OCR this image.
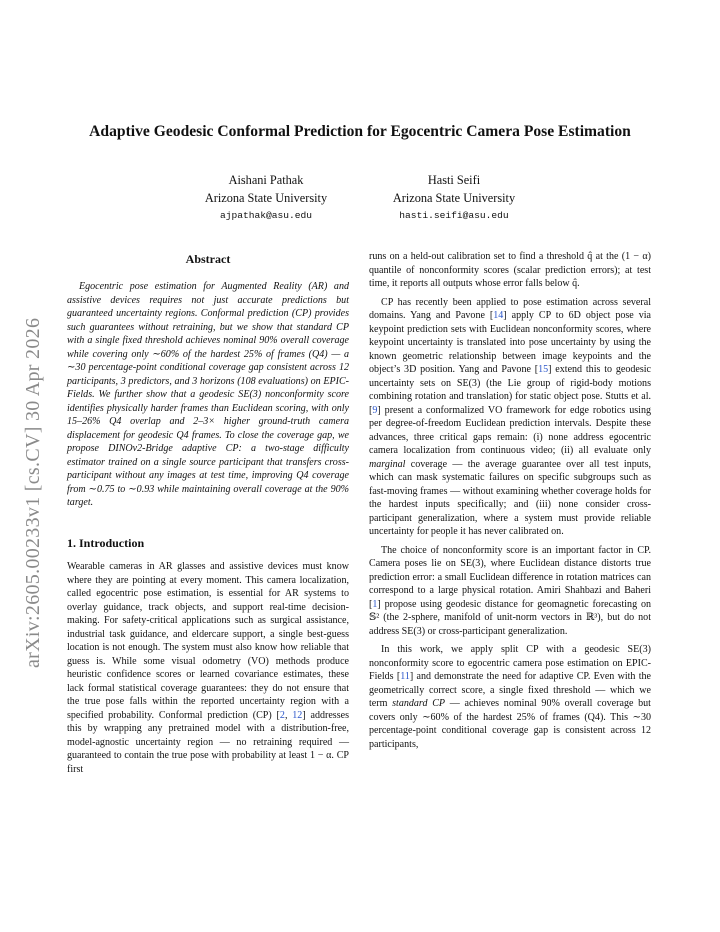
arXiv:2605.00233v1 [cs.CV] 30 Apr 2026
Adaptive Geodesic Conformal Prediction for Egocentric Camera Pose Estimation
Aishani Pathak
Arizona State University
ajpathak@asu.edu
Hasti Seifi
Arizona State University
hasti.seifi@asu.edu
Abstract

Egocentric pose estimation for Augmented Reality (AR) and assistive devices requires not just accurate predictions but guaranteed uncertainty regions. Conformal prediction (CP) provides such guarantees without retraining, but we show that standard CP with a single fixed threshold achieves nominal 90% overall coverage while covering only ∼60% of the hardest 25% of frames (Q4) — a ∼30 percentage-point conditional coverage gap consistent across 12 participants, 3 predictors, and 3 horizons (108 evaluations) on EPIC-Fields. We further show that a geodesic SE(3) nonconformity score identifies physically harder frames than Euclidean scoring, with only 15–26% Q4 overlap and 2–3× higher ground-truth camera displacement for geodesic Q4 frames. To close the coverage gap, we propose DINOv2-Bridge adaptive CP: a two-stage difficulty estimator trained on a single source participant that transfers cross-participant without any images at test time, improving Q4 coverage from ∼0.75 to ∼0.93 while maintaining overall coverage at the 90% target.

1. Introduction

Wearable cameras in AR glasses and assistive devices must know where they are pointing at every moment. This camera localization, called egocentric pose estimation, is essential for AR systems to overlay guidance, track objects, and support real-time decision-making. For safety-critical applications such as surgical assistance, industrial task guidance, and eldercare support, a single best-guess location is not enough. The system must also know how reliable that guess is. While some visual odometry (VO) methods produce heuristic confidence scores or learned covariance estimates, these lack formal statistical coverage guarantees: they do not ensure that the true pose falls within the reported uncertainty region with a specified probability. Conformal prediction (CP) [2, 12] addresses this by wrapping any pretrained model with a distribution-free, model-agnostic uncertainty region — no retraining required — guaranteed to contain the true pose with probability at least 1 − α. CP first

runs on a held-out calibration set to find a threshold q̂ at the (1 − α) quantile of nonconformity scores (scalar prediction errors); at test time, it reports all outputs whose error falls below q̂.

CP has recently been applied to pose estimation across several domains. Yang and Pavone [14] apply CP to 6D object pose via keypoint prediction sets with Euclidean nonconformity scores, where keypoint uncertainty is translated into pose uncertainty by using the known geometric relationship between image keypoints and the object’s 3D position. Yang and Pavone [15] extend this to geodesic uncertainty sets on SE(3) (the Lie group of rigid-body motions combining rotation and translation) for static object pose. Stutts et al. [9] present a conformalized VO framework for edge robotics using per degree-of-freedom Euclidean prediction intervals. Despite these advances, three critical gaps remain: (i) none address egocentric camera localization from continuous video; (ii) all evaluate only marginal coverage — the average guarantee over all test inputs, which can mask systematic failures on specific subgroups such as fast-moving frames — without examining whether coverage holds for the hardest inputs specifically; and (iii) none consider cross-participant generalization, where a system must provide reliable uncertainty for people it has never calibrated on.

The choice of nonconformity score is an important factor in CP. Camera poses lie on SE(3), where Euclidean distance distorts true prediction error: a small Euclidean difference in rotation matrices can correspond to a large physical rotation. Amiri Shahbazi and Baheri [1] propose using geodesic distance for geomagnetic forecasting on 𝕊² (the 2-sphere, manifold of unit-norm vectors in ℝ³), but do not address SE(3) or cross-participant generalization.

In this work, we apply split CP with a geodesic SE(3) nonconformity score to egocentric camera pose estimation on EPIC-Fields [11] and demonstrate the need for adaptive CP. Even with the geometrically correct score, a single fixed threshold — which we term standard CP — achieves nominal 90% overall coverage but covers only ∼60% of the hardest 25% of frames (Q4). This ∼30 percentage-point conditional coverage gap is consistent across 12 participants,
